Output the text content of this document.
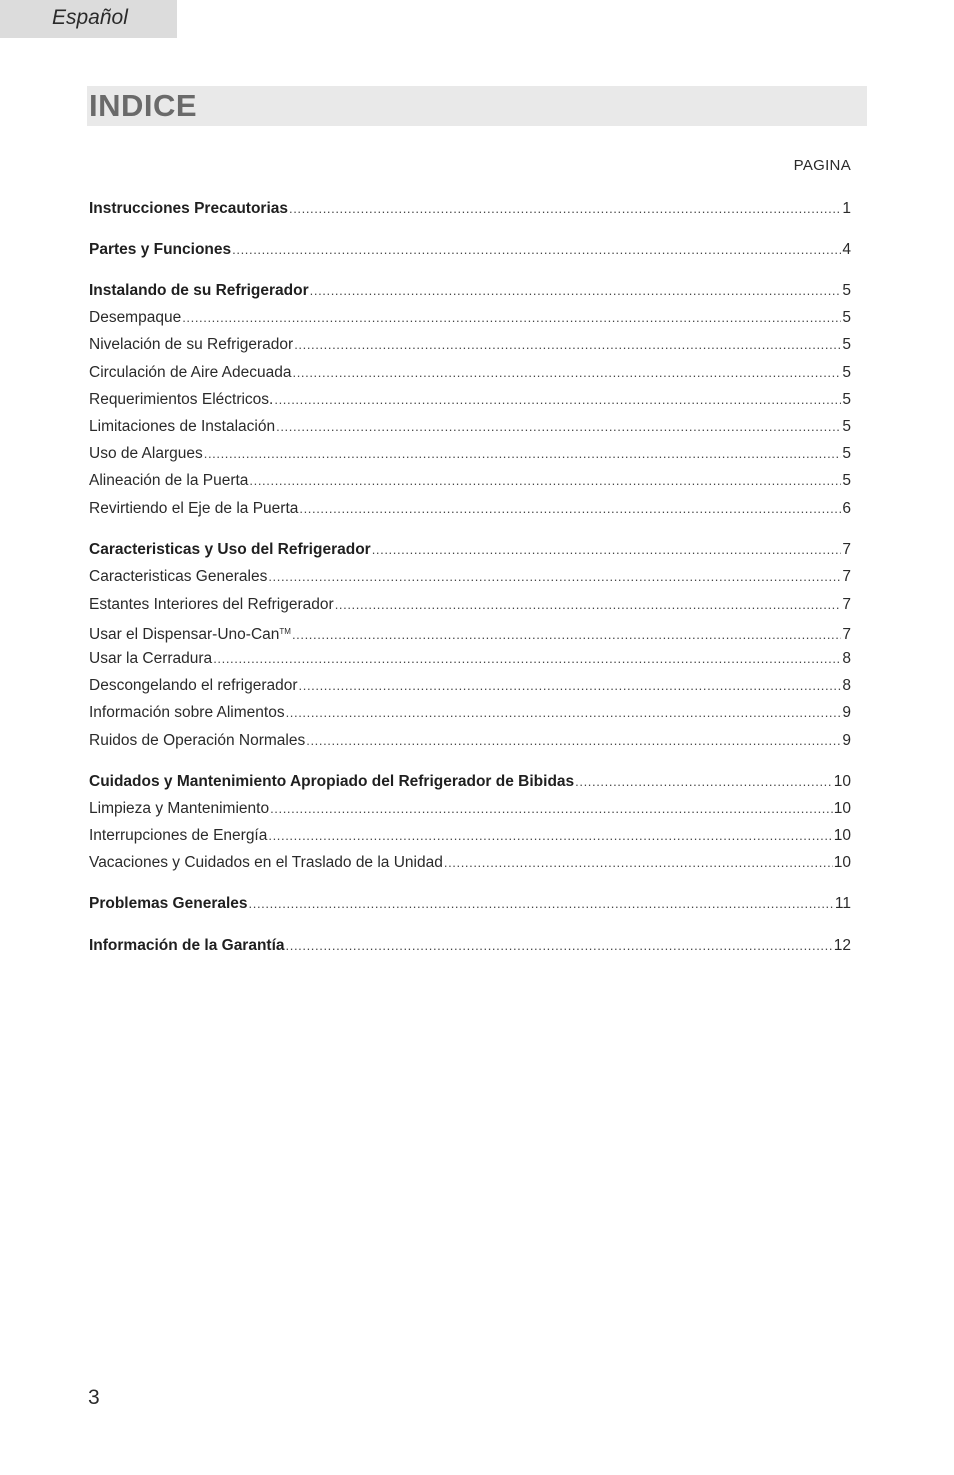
Español
INDICE
PAGINA
Instrucciones Precautorias .....	1
Partes y Funciones .....	4
Instalando de su Refrigerador .....	5
Desempaque .....	5
Nivelación de su Refrigerador .....	5
Circulación de Aire Adecuada .....	5
Requerimientos Eléctricos. .....	5
Limitaciones de Instalación .....	5
Uso de Alargues .....	5
Alineación de la Puerta .....	5
Revirtiendo el Eje de la Puerta .....	6
Caracteristicas y Uso del Refrigerador .....	7
Caracteristicas Generales .....	7
Estantes Interiores del Refrigerador .....	7
Usar el Dispensar-Uno-Can™ .....	7
Usar la Cerradura .....	8
Descongelando el refrigerador .....	8
Información sobre Alimentos .....	9
Ruidos de Operación Normales .....	9
Cuidados y Mantenimiento Apropiado del Refrigerador de Bibidas .....	10
Limpieza y Mantenimiento .....	10
Interrupciones de Energía .....	10
Vacaciones y Cuidados en el Traslado de la Unidad .....	10
Problemas Generales .....	11
Información de la Garantía .....	12
3
